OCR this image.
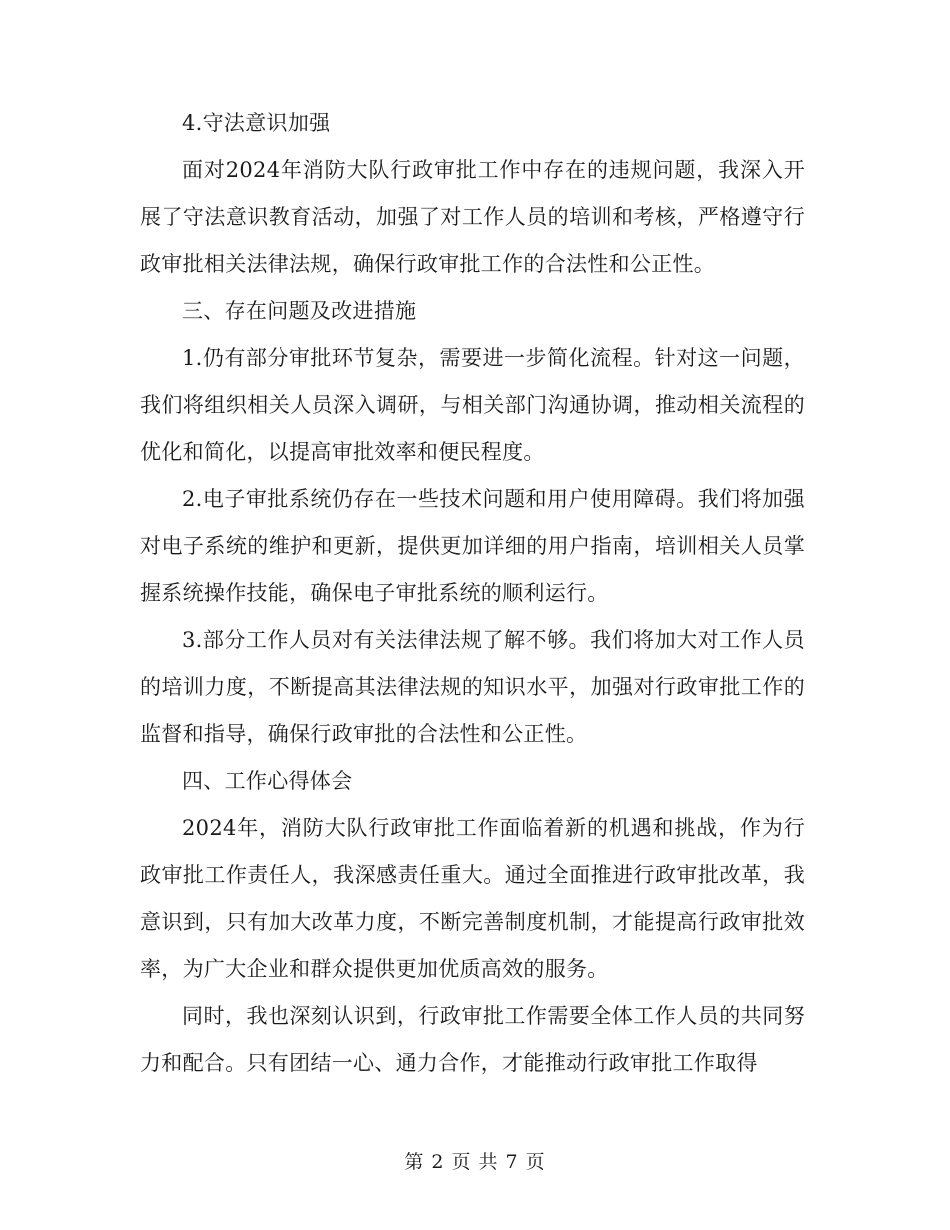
4.守法意识加强

面对2024年消防大队行政审批工作中存在的违规问题，我深入开展了守法意识教育活动，加强了对工作人员的培训和考核，严格遵守行政审批相关法律法规，确保行政审批工作的合法性和公正性。

三、存在问题及改进措施

1.仍有部分审批环节复杂，需要进一步简化流程。针对这一问题，我们将组织相关人员深入调研，与相关部门沟通协调，推动相关流程的优化和简化，以提高审批效率和便民程度。

2.电子审批系统仍存在一些技术问题和用户使用障碍。我们将加强对电子系统的维护和更新，提供更加详细的用户指南，培训相关人员掌握系统操作技能，确保电子审批系统的顺利运行。

3.部分工作人员对有关法律法规了解不够。我们将加大对工作人员的培训力度，不断提高其法律法规的知识水平，加强对行政审批工作的监督和指导，确保行政审批的合法性和公正性。

四、工作心得体会

2024年，消防大队行政审批工作面临着新的机遇和挑战，作为行政审批工作责任人，我深感责任重大。通过全面推进行政审批改革，我意识到，只有加大改革力度，不断完善制度机制，才能提高行政审批效率，为广大企业和群众提供更加优质高效的服务。

同时，我也深刻认识到，行政审批工作需要全体工作人员的共同努力和配合。只有团结一心、通力合作，才能推动行政审批工作取得

第 2 页 共 7 页
